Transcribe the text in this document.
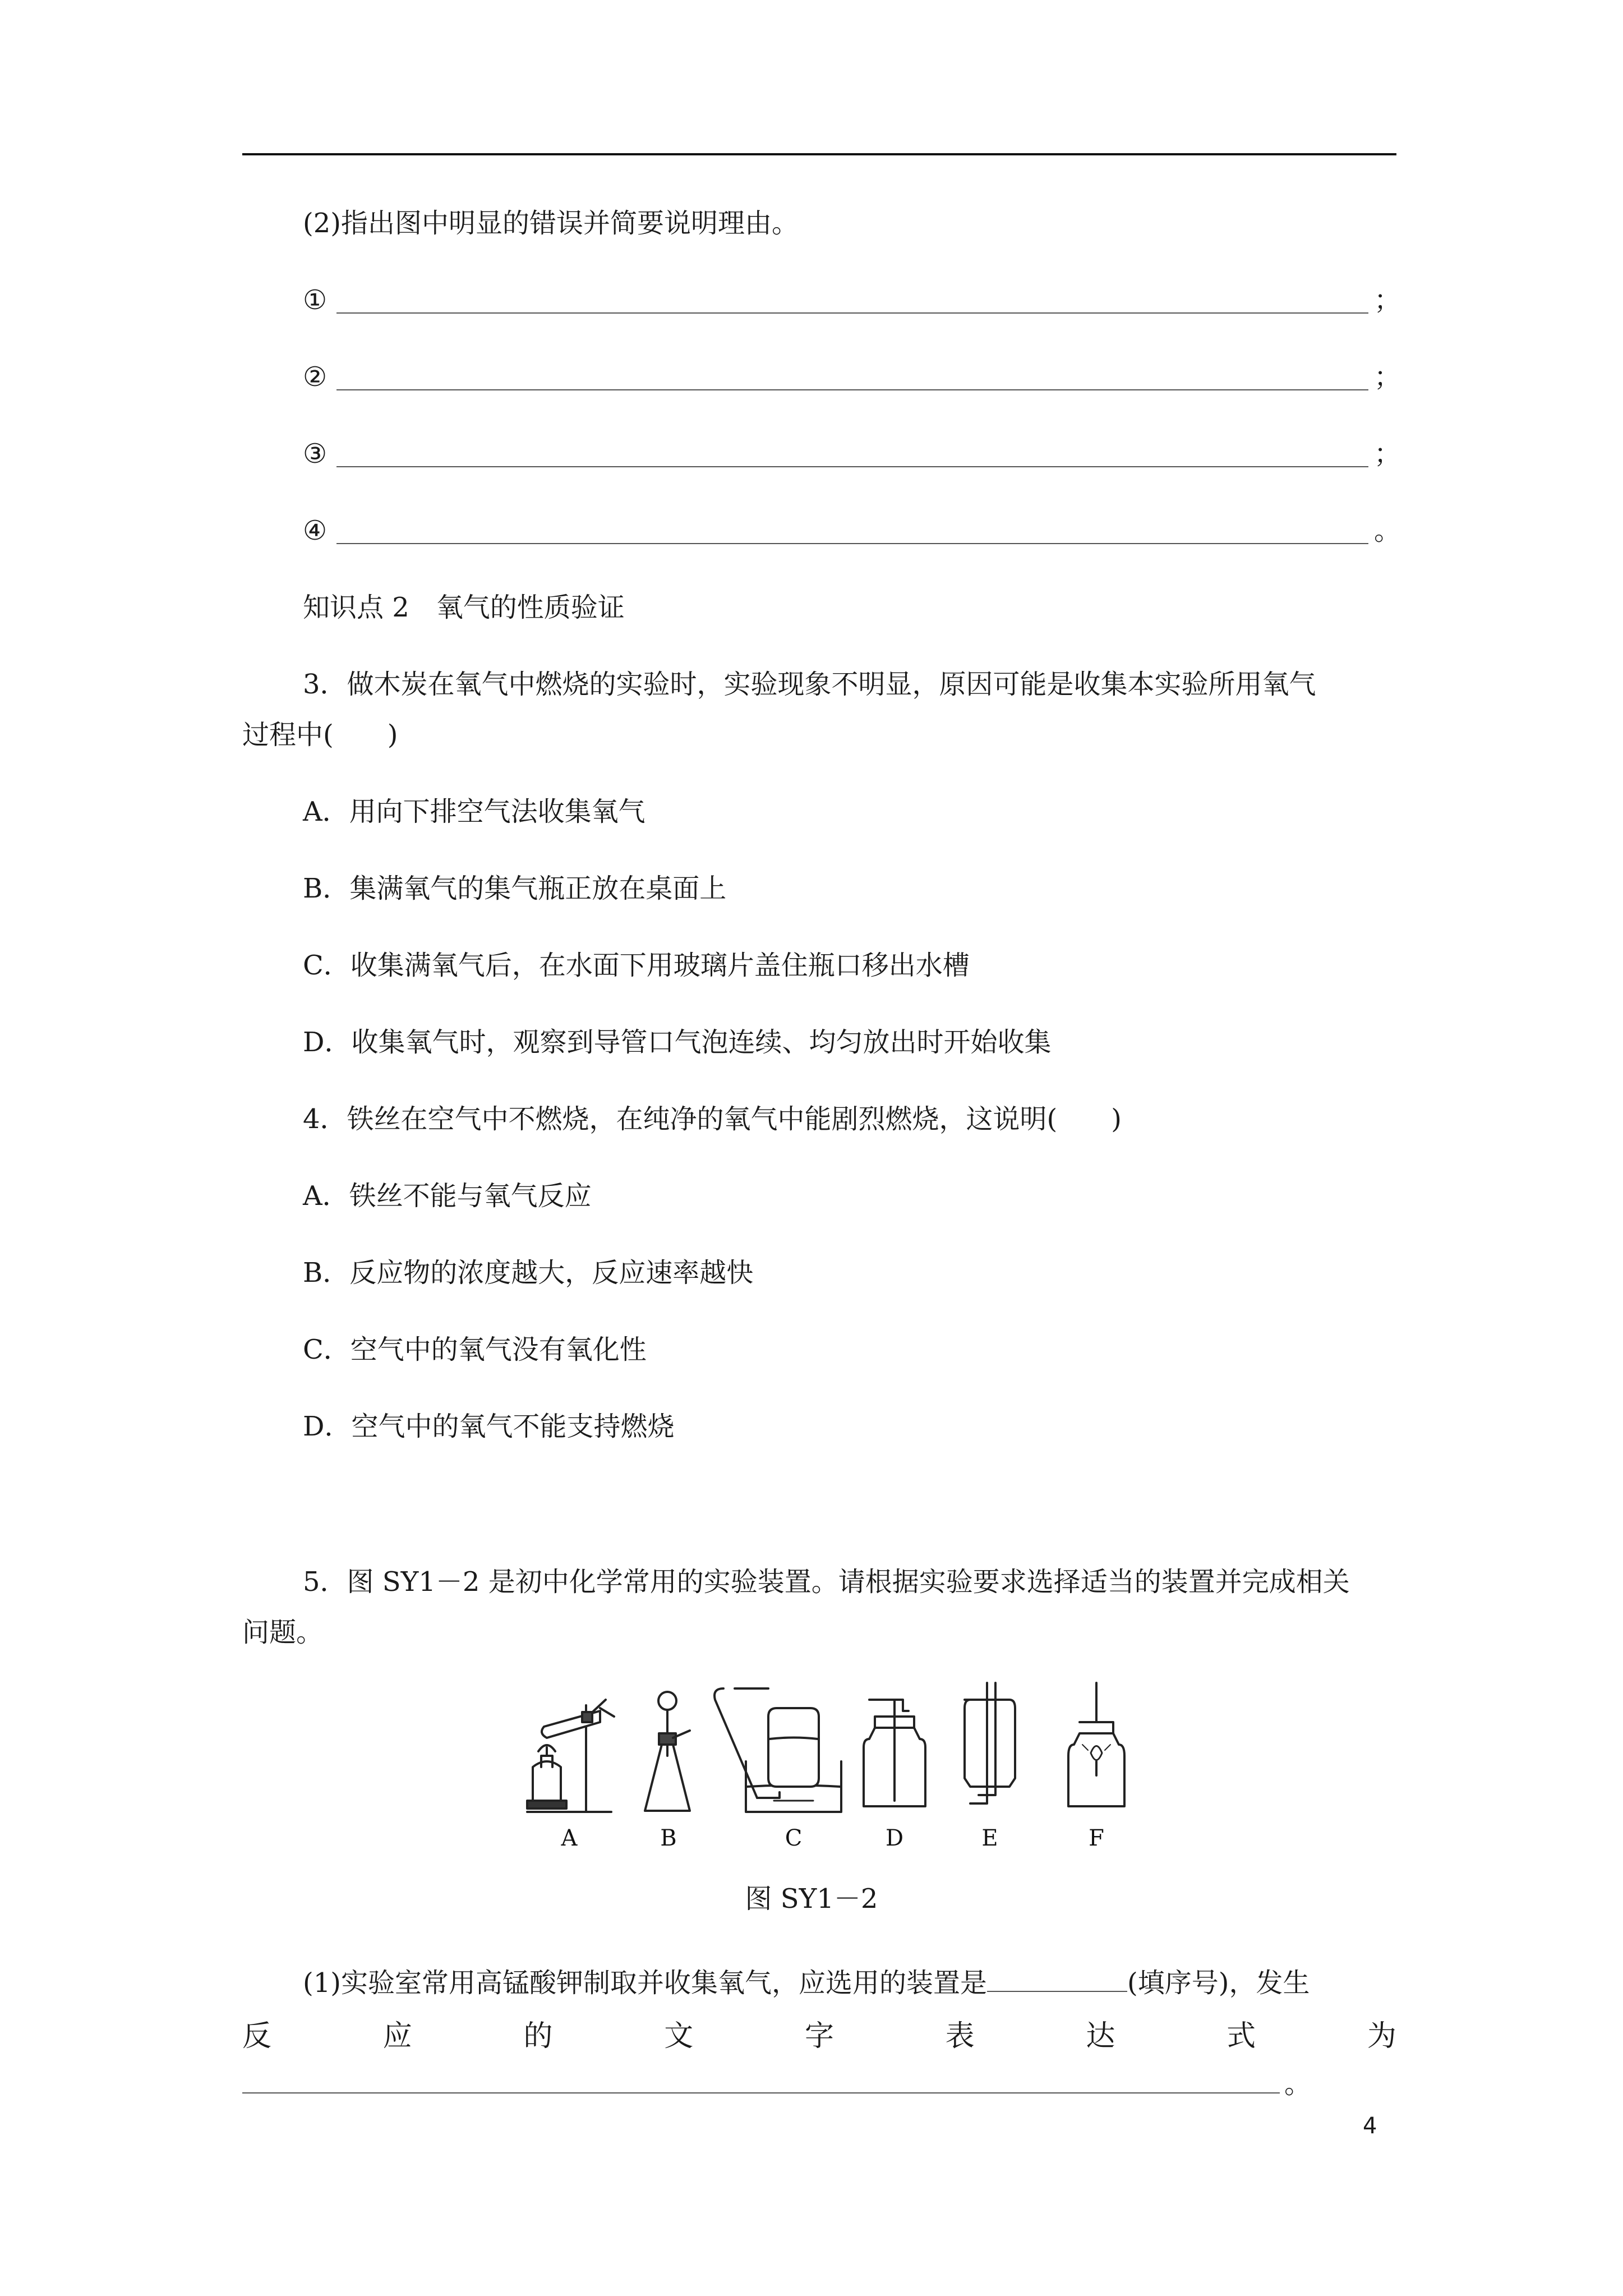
(2)指出图中明显的错误并简要说明理由。
①	；
②	；
③	；
④	。
知识点 2　氧气的性质验证
3．做木炭在氧气中燃烧的实验时，实验现象不明显，原因可能是收集本实验所用氧气
过程中(　　)
A．用向下排空气法收集氧气
B．集满氧气的集气瓶正放在桌面上
C．收集满氧气后，在水面下用玻璃片盖住瓶口移出水槽
D．收集氧气时，观察到导管口气泡连续、均匀放出时开始收集
4．铁丝在空气中不燃烧，在纯净的氧气中能剧烈燃烧，这说明(　　)
A．铁丝不能与氧气反应
B．反应物的浓度越大，反应速率越快
C．空气中的氧气没有氧化性
D．空气中的氧气不能支持燃烧
5．图 SY1－2 是初中化学常用的实验装置。请根据实验要求选择适当的装置并完成相关
问题。
A	B	C	D	E	F
图 SY1－2
(1)实验室常用高锰酸钾制取并收集氧气，应选用的装置是	(填序号)，发生
反	应	的	文	字	表	达	式	为
。
4
